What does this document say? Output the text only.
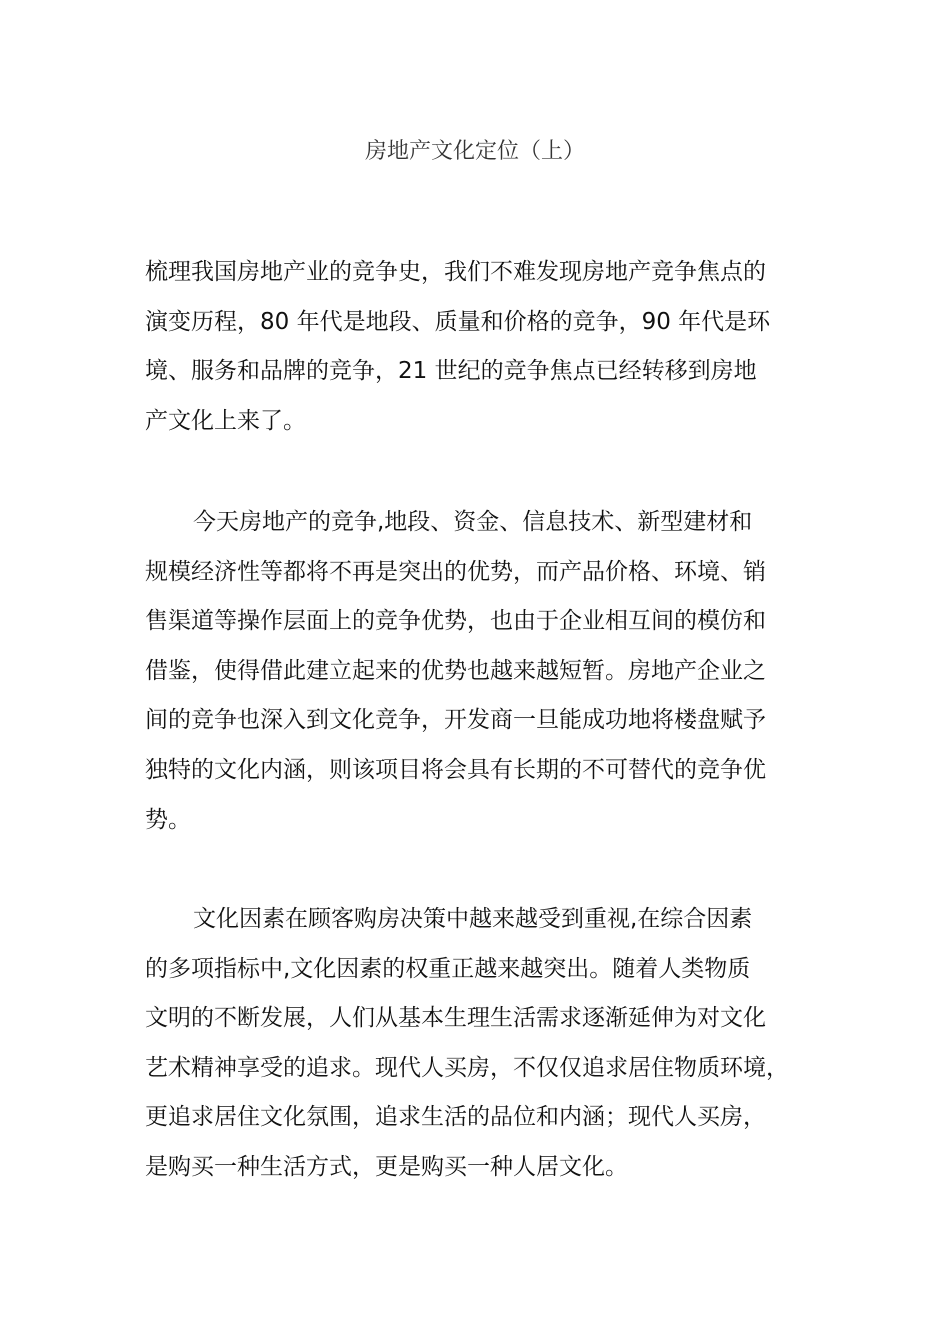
房地产文化定位（上）
梳理我国房地产业的竞争史，我们不难发现房地产竞争焦点的
演变历程，80 年代是地段、质量和价格的竞争，90 年代是环
境、服务和品牌的竞争，21 世纪的竞争焦点已经转移到房地
产文化上来了。
今天房地产的竞争,地段、资金、信息技术、新型建材和
规模经济性等都将不再是突出的优势，而产品价格、环境、销
售渠道等操作层面上的竞争优势，也由于企业相互间的模仿和
借鉴，使得借此建立起来的优势也越来越短暂。房地产企业之
间的竞争也深入到文化竞争，开发商一旦能成功地将楼盘赋予
独特的文化内涵，则该项目将会具有长期的不可替代的竞争优
势。
文化因素在顾客购房决策中越来越受到重视,在综合因素
的多项指标中,文化因素的权重正越来越突出。随着人类物质
文明的不断发展，人们从基本生理生活需求逐渐延伸为对文化
艺术精神享受的追求。现代人买房，不仅仅追求居住物质环境，
更追求居住文化氛围，追求生活的品位和内涵；现代人买房，
是购买一种生活方式，更是购买一种人居文化。
